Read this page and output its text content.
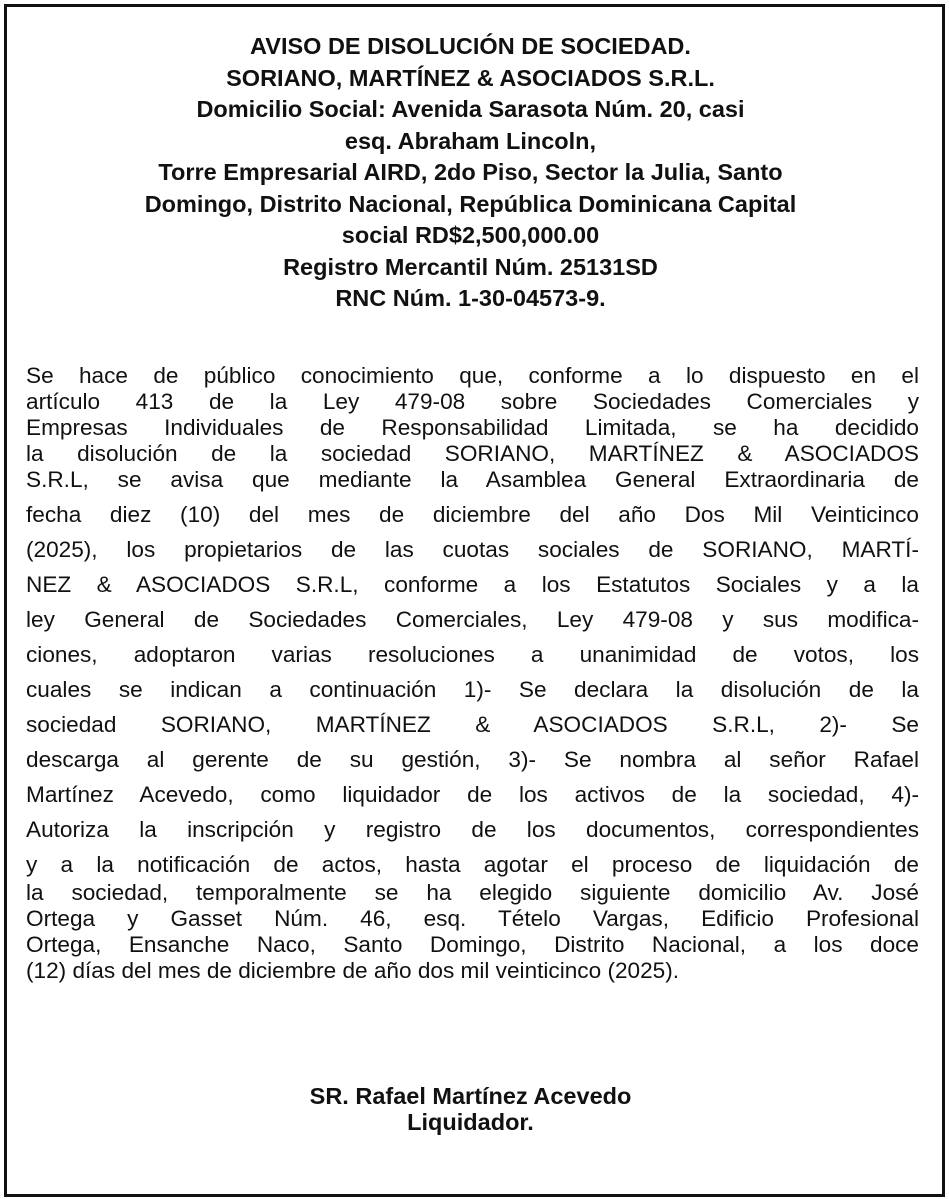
AVISO DE DISOLUCIÓN DE SOCIEDAD.
SORIANO, MARTÍNEZ & ASOCIADOS S.R.L.
Domicilio Social: Avenida Sarasota Núm. 20, casi
esq. Abraham Lincoln,
Torre Empresarial AIRD, 2do Piso, Sector la Julia, Santo
Domingo, Distrito Nacional, República Dominicana Capital
social RD$2,500,000.00
Registro Mercantil Núm. 25131SD
RNC Núm. 1-30-04573-9.
Se hace de público conocimiento que, conforme a lo dispuesto en el
artículo 413 de la Ley 479-08 sobre Sociedades Comerciales y
Empresas Individuales de Responsabilidad Limitada, se ha decidido
la disolución de la sociedad SORIANO, MARTÍNEZ & ASOCIADOS
S.R.L, se avisa que mediante la Asamblea General Extraordinaria de
fecha diez (10) del mes de diciembre del año Dos Mil Veinticinco
(2025), los propietarios de las cuotas sociales de SORIANO, MARTÍ-
NEZ & ASOCIADOS S.R.L, conforme a los Estatutos Sociales y a la
ley General de Sociedades Comerciales, Ley 479-08 y sus modifica-
ciones, adoptaron varias resoluciones a unanimidad de votos, los
cuales se indican a continuación 1)- Se declara la disolución de la
sociedad SORIANO, MARTÍNEZ & ASOCIADOS S.R.L, 2)- Se
descarga al gerente de su gestión, 3)- Se nombra al señor Rafael
Martínez Acevedo, como liquidador de los activos de la sociedad, 4)-
Autoriza la inscripción y registro de los documentos, correspondientes
y a la notificación de actos, hasta agotar el proceso de liquidación de
la sociedad, temporalmente se ha elegido siguiente domicilio Av. José
Ortega y Gasset Núm. 46, esq. Tételo Vargas, Edificio Profesional
Ortega, Ensanche Naco, Santo Domingo, Distrito Nacional, a los doce
(12) días del mes de diciembre de año dos mil veinticinco (2025).
SR. Rafael Martínez Acevedo
Liquidador.
